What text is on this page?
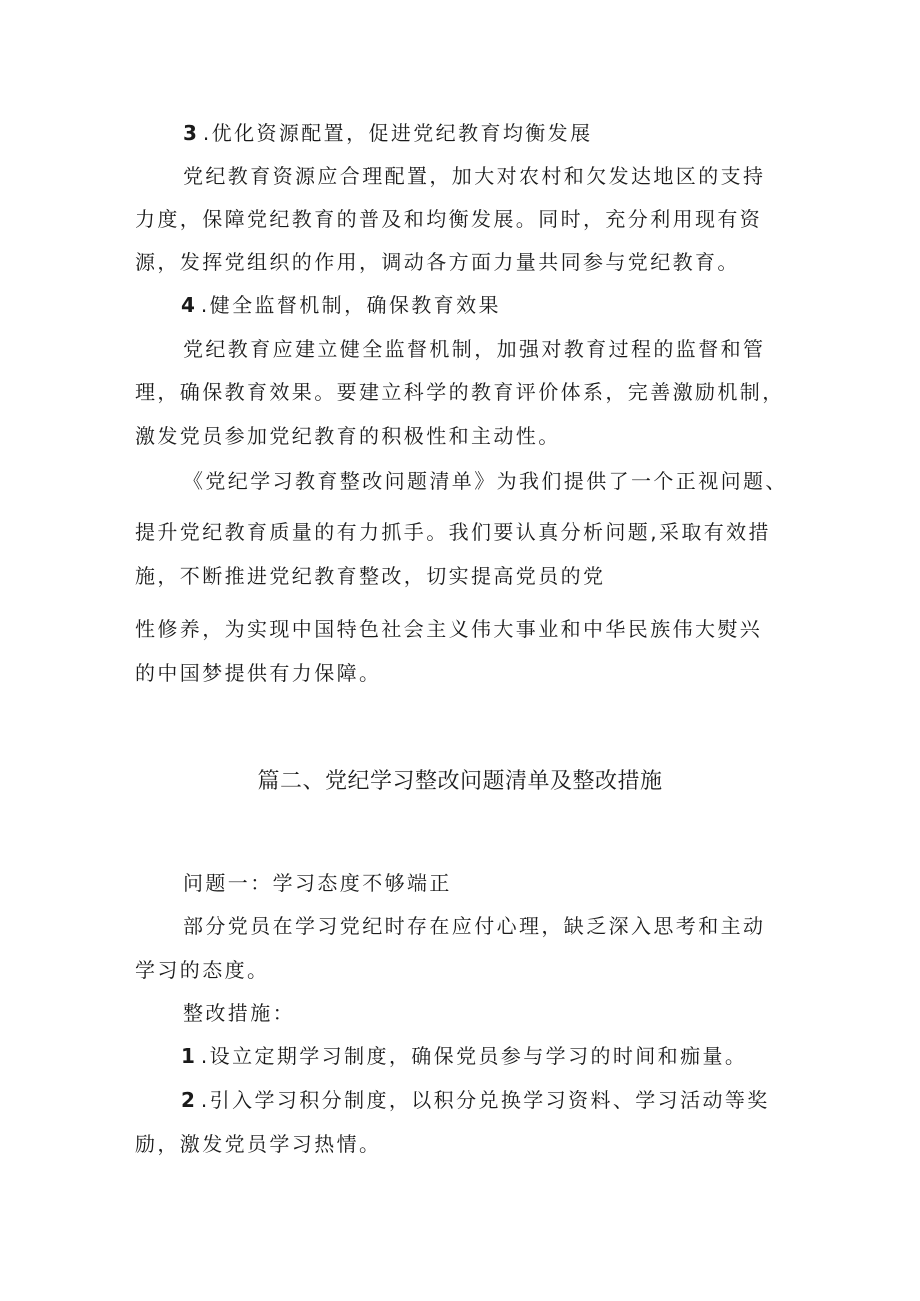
3 .优化资源配置，促进党纪教育均衡发展
党纪教育资源应合理配置，加大对农村和欠发达地区的支持
力度，保障党纪教育的普及和均衡发展。同时，充分利用现有资
源，发挥党组织的作用，调动各方面力量共同参与党纪教育。
4 .健全监督机制，确保教育效果
党纪教育应建立健全监督机制，加强对教育过程的监督和管
理，确保教育效果。要建立科学的教育评价体系，完善激励机制，
激发党员参加党纪教育的积极性和主动性。
《党纪学习教育整改问题清单》为我们提供了一个正视问题、
提升党纪教育质量的有力抓手。我们要认真分析问题,采取有效措
施，不断推进党纪教育整改，切实提高党员的党
性修养，为实现中国特色社会主义伟大事业和中华民族伟大熨兴
的中国梦提供有力保障。
篇二、党纪学习整改问题清单及整改措施
问题一：学习态度不够端正
部分党员在学习党纪时存在应付心理，缺乏深入思考和主动
学习的态度。
整改措施：
1 .设立定期学习制度，确保党员参与学习的时间和痂量。
2 .引入学习积分制度，以积分兑换学习资料、学习活动等奖
励，激发党员学习热情。
